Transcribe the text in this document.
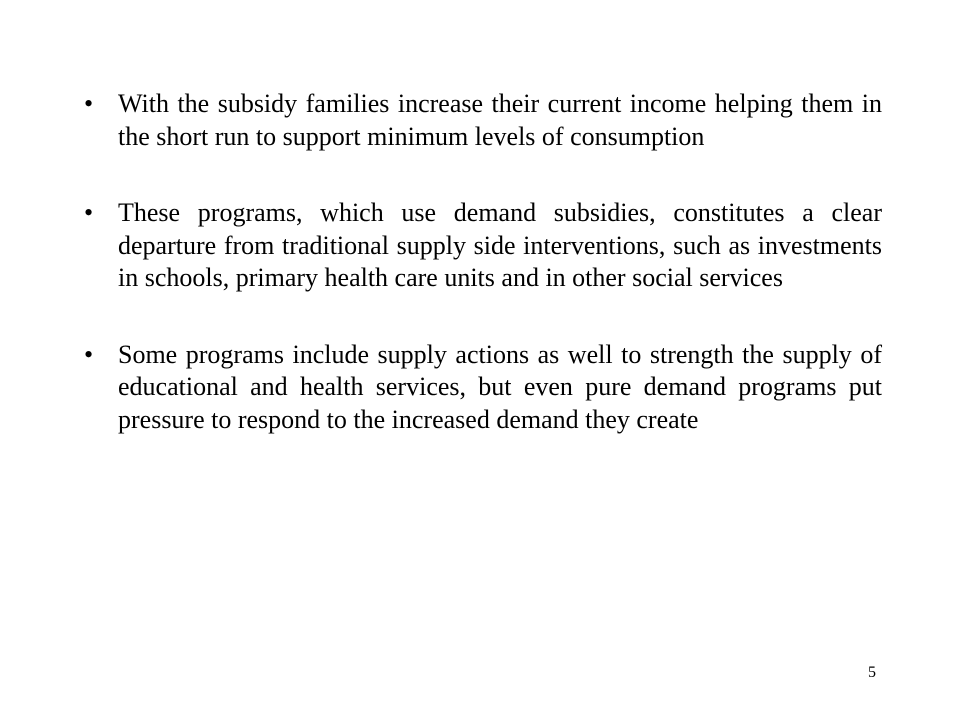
• With the subsidy families increase their current income helping them in the short run to support minimum levels of consumption
• These programs, which use demand subsidies, constitutes a clear departure from traditional supply side interventions, such as investments in schools, primary health care units and in other social services
• Some programs include supply actions as well to strength the supply of educational and health services, but even pure demand programs put pressure to respond to the increased demand they create
5
